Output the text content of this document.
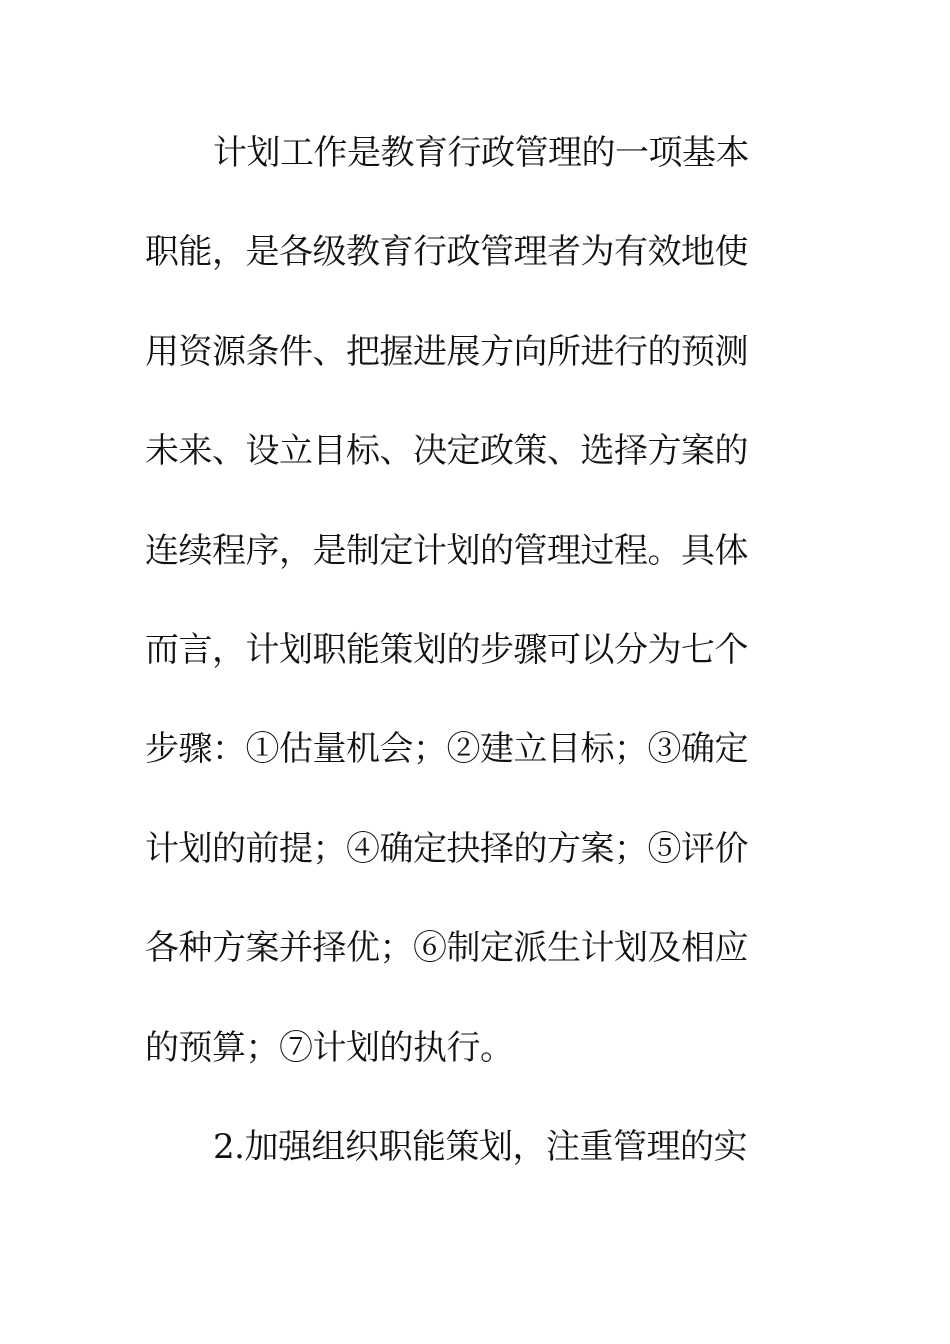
计划工作是教育行政管理的一项基本
职能，是各级教育行政管理者为有效地使
用资源条件、把握进展方向所进行的预测
未来、设立目标、决定政策、选择方案的
连续程序，是制定计划的管理过程。具体
而言，计划职能策划的步骤可以分为七个
步骤：①估量机会；②建立目标；③确定
计划的前提；④确定抉择的方案；⑤评价
各种方案并择优；⑥制定派生计划及相应
的预算；⑦计划的执行。
2.加强组织职能策划，注重管理的实
